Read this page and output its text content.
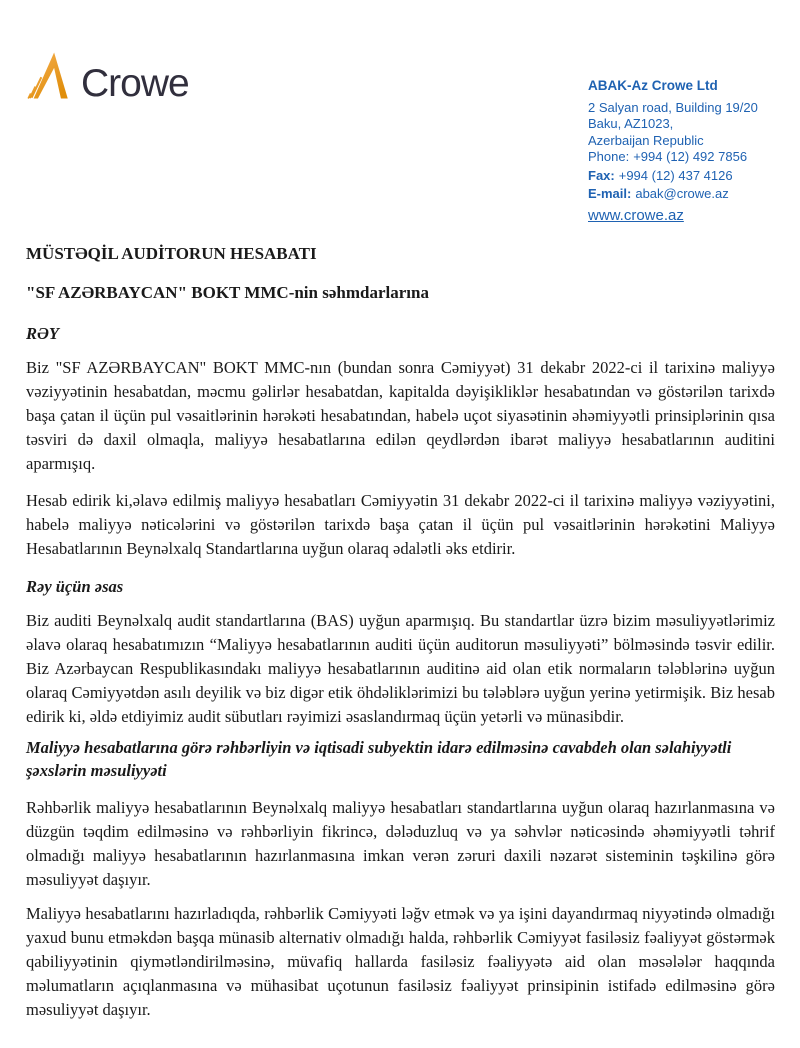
Crowe	ABAK-Az Crowe Ltd
2 Salyan road, Building 19/20
Baku, AZ1023,
Azerbaijan Republic
Phone: +994 (12) 492 7856
Fax: +994 (12) 437 4126
E-mail: abak@crowe.az
www.crowe.az
MÜSTƏQİL AUDİTORUN HESABATI
"SF AZƏRBAYCAN" BOKT MMC-nin səhmdarlarına
RƏY

Biz "SF AZƏRBAYCAN" BOKT MMC-nın (bundan sonra Cəmiyyət) 31 dekabr 2022-ci il tarixinə maliyyə vəziyyətinin hesabatdan, məcmu gəlirlər hesabatdan, kapitalda dəyişikliklər hesabatından və göstərilən tarixdə başa çatan il üçün pul vəsaitlərinin hərəkəti hesabatından, habelə uçot siyasətinin əhəmiyyətli prinsiplərinin qısa təsviri də daxil olmaqla, maliyyə hesabatlarına edilən qeydlərdən ibarət maliyyə hesabatlarının auditini aparmışıq.

Hesab edirik ki,əlavə edilmiş maliyyə hesabatları Cəmiyyətin 31 dekabr 2022-ci il tarixinə maliyyə vəziyyətini, habelə maliyyə nəticələrini və göstərilən tarixdə başa çatan il üçün pul vəsaitlərinin hərəkətini Maliyyə Hesabatlarının Beynəlxalq Standartlarına uyğun olaraq ədalətli əks etdirir.

Rəy üçün əsas

Biz auditi Beynəlxalq audit standartlarına (BAS) uyğun aparmışıq. Bu standartlar üzrə bizim məsuliyyətlərimiz əlavə olaraq hesabatımızın “Maliyyə hesabatlarının auditi üçün auditorun məsuliyyəti” bölməsində təsvir edilir. Biz Azərbaycan Respublikasındakı maliyyə hesabatlarının auditinə aid olan etik normaların tələblərinə uyğun olaraq Cəmiyyətdən asılı deyilik və biz digər etik öhdəliklərimizi bu tələblərə uyğun yerinə yetirmişik. Biz hesab edirik ki, əldə etdiyimiz audit sübutları rəyimizi əsaslandırmaq üçün yetərli və münasibdir.

Maliyyə hesabatlarına görə rəhbərliyin və iqtisadi subyektin idarə edilməsinə cavabdeh olan səlahiyyətli şəxslərin məsuliyyəti

Rəhbərlik maliyyə hesabatlarının Beynəlxalq maliyyə hesabatları standartlarına uyğun olaraq hazırlanmasına və düzgün təqdim edilməsinə və rəhbərliyin fikrincə, dələduzluq və ya səhvlər nəticəsində əhəmiyyətli təhrif olmadığı maliyyə hesabatlarının hazırlanmasına imkan verən zəruri daxili nəzarət sisteminin təşkilinə görə məsuliyyət daşıyır.

Maliyyə hesabatlarını hazırladıqda, rəhbərlik Cəmiyyəti ləğv etmək və ya işini dayandırmaq niyyətində olmadığı yaxud bunu etməkdən başqa münasib alternativ olmadığı halda, rəhbərlik Cəmiyyət fasiləsiz fəaliyyət göstərmək qabiliyyətinin qiymətləndirilməsinə, müvafiq hallarda fasiləsiz fəaliyyətə aid olan məsələlər haqqında məlumatların açıqlanmasına və mühasibat uçotunun fasiləsiz fəaliyyət prinsipinin istifadə edilməsinə görə məsuliyyət daşıyır.
